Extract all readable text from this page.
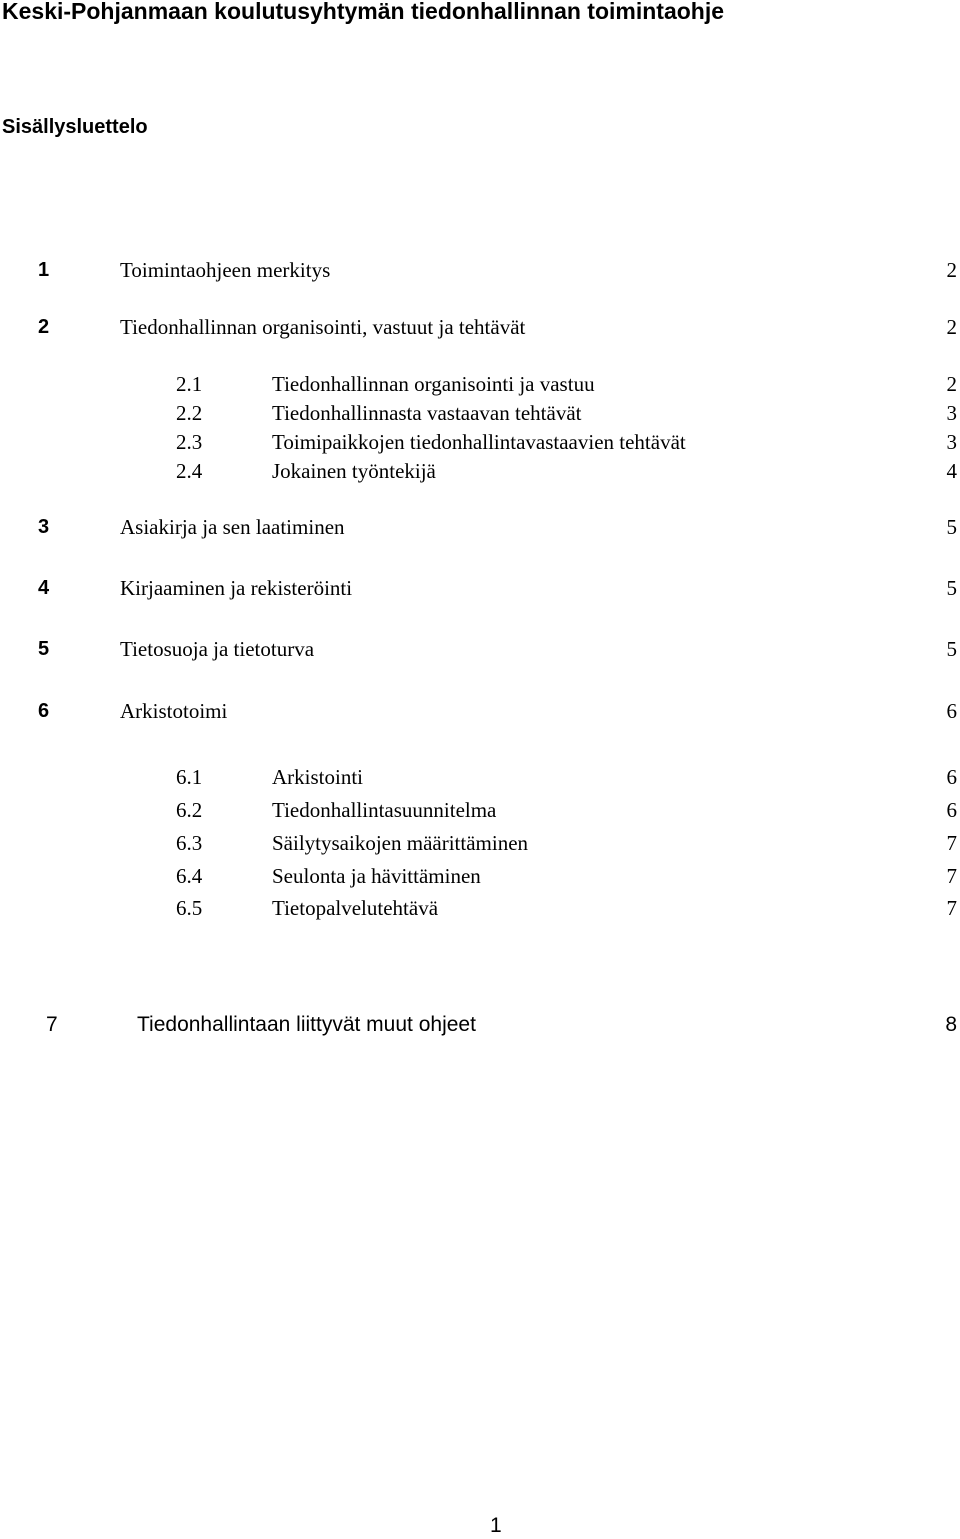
Keski-Pohjanmaan koulutusyhtymän tiedonhallinnan toimintaohje
Sisällysluettelo
1	Toimintaohjeen merkitys	2
2	Tiedonhallinnan organisointi, vastuut ja tehtävät	2
2.1	Tiedonhallinnan organisointi ja vastuu	2
2.2	Tiedonhallinnasta vastaavan tehtävät	3
2.3	Toimipaikkojen tiedonhallintavastaavien tehtävät	3
2.4	Jokainen työntekijä	4
3	Asiakirja ja sen laatiminen	5
4	Kirjaaminen ja rekisteröinti	5
5	Tietosuoja ja tietoturva	5
6	Arkistotoimi	6
6.1	Arkistointi	6
6.2	Tiedonhallintasuunnitelma	6
6.3	Säilytysaikojen määrittäminen	7
6.4	Seulonta ja hävittäminen	7
6.5	Tietopalvelutehtävä	7
7	Tiedonhallintaan liittyvät muut ohjeet	8
1
